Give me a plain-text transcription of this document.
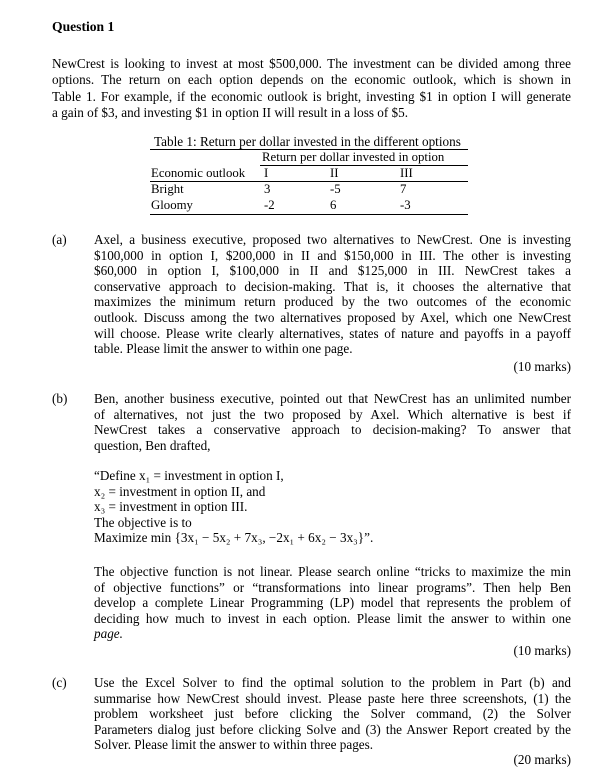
Question 1
NewCrest is looking to invest at most $500,000. The investment can be divided among three
options. The return on each option depends on the economic outlook, which is shown in
Table 1. For example, if the economic outlook is bright, investing $1 in option I will generate
a gain of $3, and investing $1 in option II will result in a loss of $5.
Table 1: Return per dollar invested in the different options
Return per dollar invested in option
Economic outlook I	II	III
Bright	3	-5	7
Gloomy	-2	6	-3
(a) Axel, a business executive, proposed two alternatives to NewCrest. One is investing
$100,000 in option I, $200,000 in II and $150,000 in III. The other is investing
$60,000 in option I, $100,000 in II and $125,000 in III. NewCrest takes a
conservative approach to decision-making. That is, it chooses the alternative that
maximizes the minimum return produced by the two outcomes of the economic
outlook. Discuss among the two alternatives proposed by Axel, which one NewCrest
will choose. Please write clearly alternatives, states of nature and payoffs in a payoff
table. Please limit the answer to within one page.
(10 marks)
(b) Ben, another business executive, pointed out that NewCrest has an unlimited number
of alternatives, not just the two proposed by Axel. Which alternative is best if
NewCrest takes a conservative approach to decision-making? To answer that
question, Ben drafted,
“Define x₁ = investment in option I,
x₂ = investment in option II, and
x₃ = investment in option III.
The objective is to
Maximize min {3x₁ − 5x₂ + 7x₃, −2x₁ + 6x₂ − 3x₃}”.
The objective function is not linear. Please search online “tricks to maximize the min
of objective functions” or “transformations into linear programs”. Then help Ben
develop a complete Linear Programming (LP) model that represents the problem of
deciding how much to invest in each option. Please limit the answer to within one
page.
(10 marks)
(c) Use the Excel Solver to find the optimal solution to the problem in Part (b) and
summarise how NewCrest should invest. Please paste here three screenshots, (1) the
problem worksheet just before clicking the Solver command, (2) the Solver
Parameters dialog just before clicking Solve and (3) the Answer Report created by the
Solver. Please limit the answer to within three pages.
(20 marks)
